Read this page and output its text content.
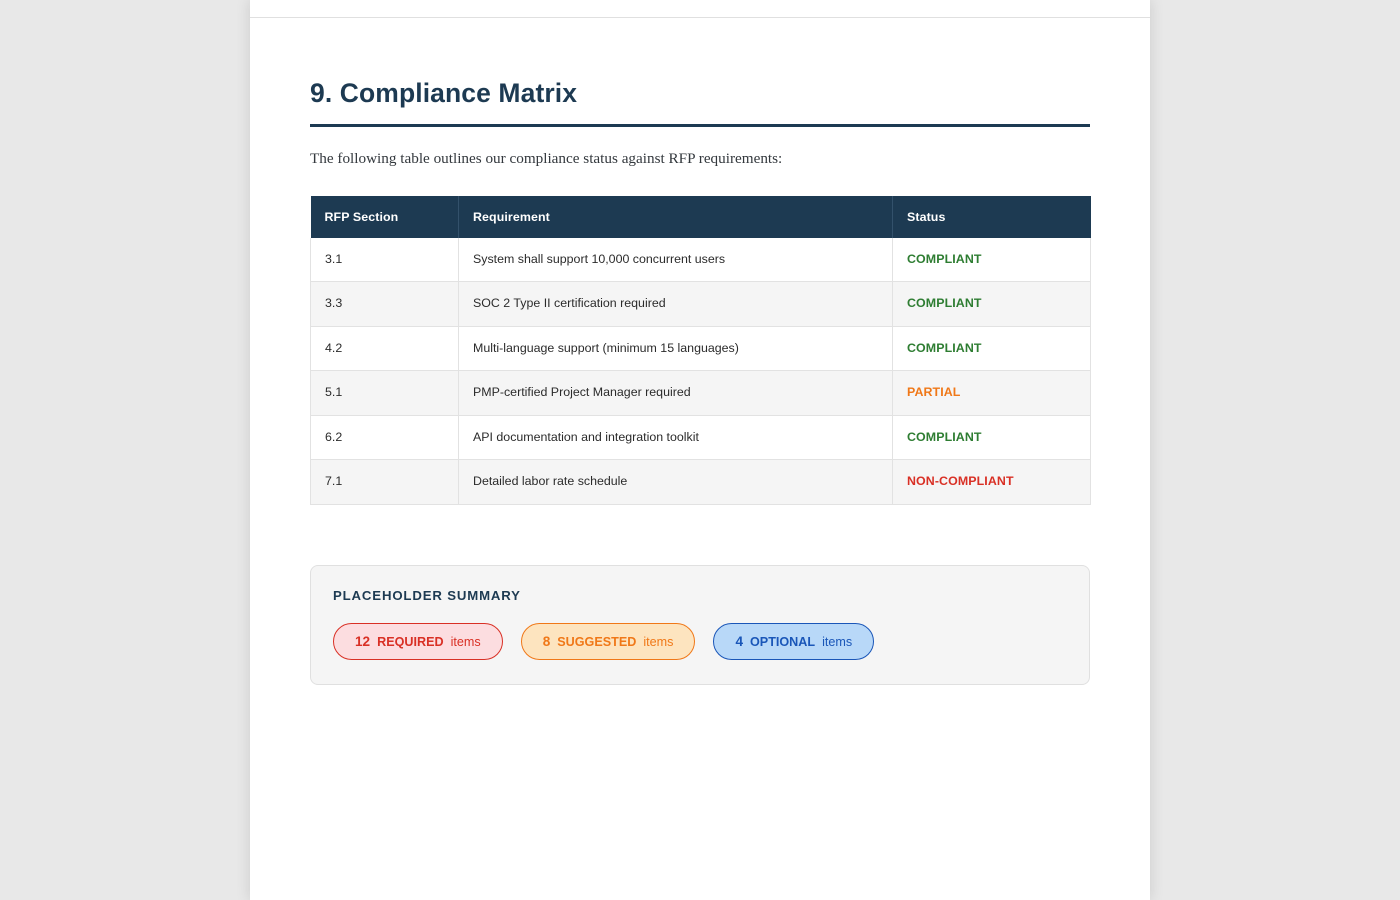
9. Compliance Matrix

The following table outlines our compliance status against RFP requirements:

RFP Section	Requirement	Status
3.1	System shall support 10,000 concurrent users	COMPLIANT
3.3	SOC 2 Type II certification required	COMPLIANT
4.2	Multi-language support (minimum 15 languages)	COMPLIANT
5.1	PMP-certified Project Manager required	PARTIAL
6.2	API documentation and integration toolkit	COMPLIANT
7.1	Detailed labor rate schedule	NON-COMPLIANT
PLACEHOLDER SUMMARY
12 REQUIRED items	8 SUGGESTED items	4 OPTIONAL items
